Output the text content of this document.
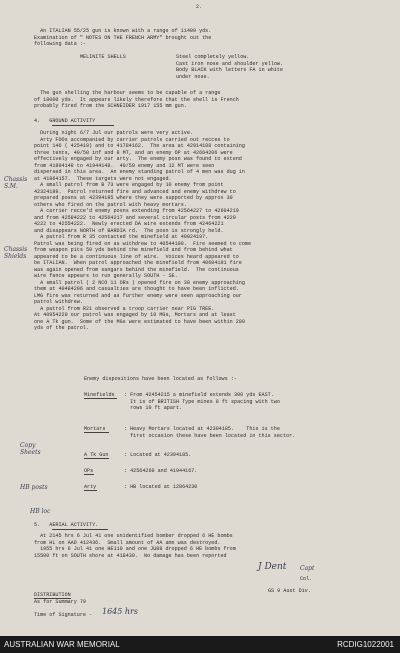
2.
An ITALIAN 55/25 gun is known with a range of 11400 yds.
Examination of " NOTES ON THE FRENCH ARMY" brought out the
following data :-
MELINITE SHELLS	Steel completely yellow.
Cast iron nose and shoulder yellow.
Body BLACK with letters FA in white
under nose.
The gun shelling the harbour seems to be capable of a range
of 18000 yds.  It appears likely therefore that the shell is French
probably fired from the SCHNEIDER 1917 155 mm gun.
4.   GROUND ACTIVITY
During night 6/7 Jul our patrols were very active.
Arty FOOs accompanied by carrier patrols carried out recces to
point 146 ( 425419) and to 41784162.  The area at 42914188 containing
three tents, 40/50 inf and 8 MT, and an enemy OP at 42664206 were
effectively engaged by our arty.  The enemy posn was found to extend
from 41804148 to 41944148.  40/50 enemy and 12 MT were seen
dispersed in this area.  An enemy standing patrol of 4 men was dug in
at 41864157.  These targets were not engaged.
A small patrol from B 73 were engaged by 10 enemy from point
42324189.  Patrol returned fire and advanced and enemy withdrew to
prepared posns at 42394185 where they were supported by approx 30
others who fired on the patrol with heavy mortars.
A carrier recce'd enemy posns extending from 42564227 to 42604219
and from 42584222 to 42564217 and several circular posts from 4220
4222 to 42554222.  Newly erected DA wire extends from 42464221
and disappears NORTH of BARDIA rd.  The posn is strongly held.
A patrol from R 35 contacted the minefield at 40024197.
Patrol was being fired on as withdrew to 40544198.  Fire seemed to come
from weapon pits 50 yds behind the minefield and from behind what
appeared to be a continuous line of wire.  Voices heard appeared to
be ITALIAN.  When patrol approached the minefield from 40604191 fire
was again opened from sangars behind the minefield.  The continuous
wire fence appears to run generally SOUTH - SE.
A small patrol ( 2 NCO 11 ORs ) opened fire on 30 enemy approaching
them at 40484206 and casualties are thought to have been inflicted.
LMG fire was returned and as further enemy were seen approaching our
patrol withdrew.
A patrol from R21 observed a troop carrier near PIG TREE.
At 40954220 our patrol was engaged by 10 MGs, Mortars and at least
one A Tk gun.  Some of the MGs were estimated to have been within 200
yds of the patrol.
Enemy dispositions have been located as follows :-
Minefields : From 42454215 a minefield extends 300 yds EAST.
It is of BRITISH Type mines 8 ft spacing with two
rows 10 ft apart.
Mortars	: Heavy Mortars located at 42394185.    This is the
first occasion these have been located in this sector.
A Tk Gun	: Located at 42394185.
OPs	: 42564260 and 41944167.
Arty	: HB located at 12864230
5.   AERIAL ACTIVITY.
At 2145 hrs 6 Jul 41 one unidentified bomber dropped 6 HE bombs
from HL on AAD 412436.  Small amount of AA amn was destroyed.
1955 hrs 6 Jul 41 one HE110 and one JU88 dropped 6 HE bombs from
15500 ft on SOUTH shore at 418430.  No damage has been reported
J Dent Capt
Col.
GS 9 Aust Div.
DISTRIBUTION
As for Summary 79
Time of Signature - 1645 hrs
Chassis S.M.
Chassis Shields
Copy Sheets
HB posts
HB loc
AUSTRALIAN WAR MEMORIAL	RCDIG1022001
